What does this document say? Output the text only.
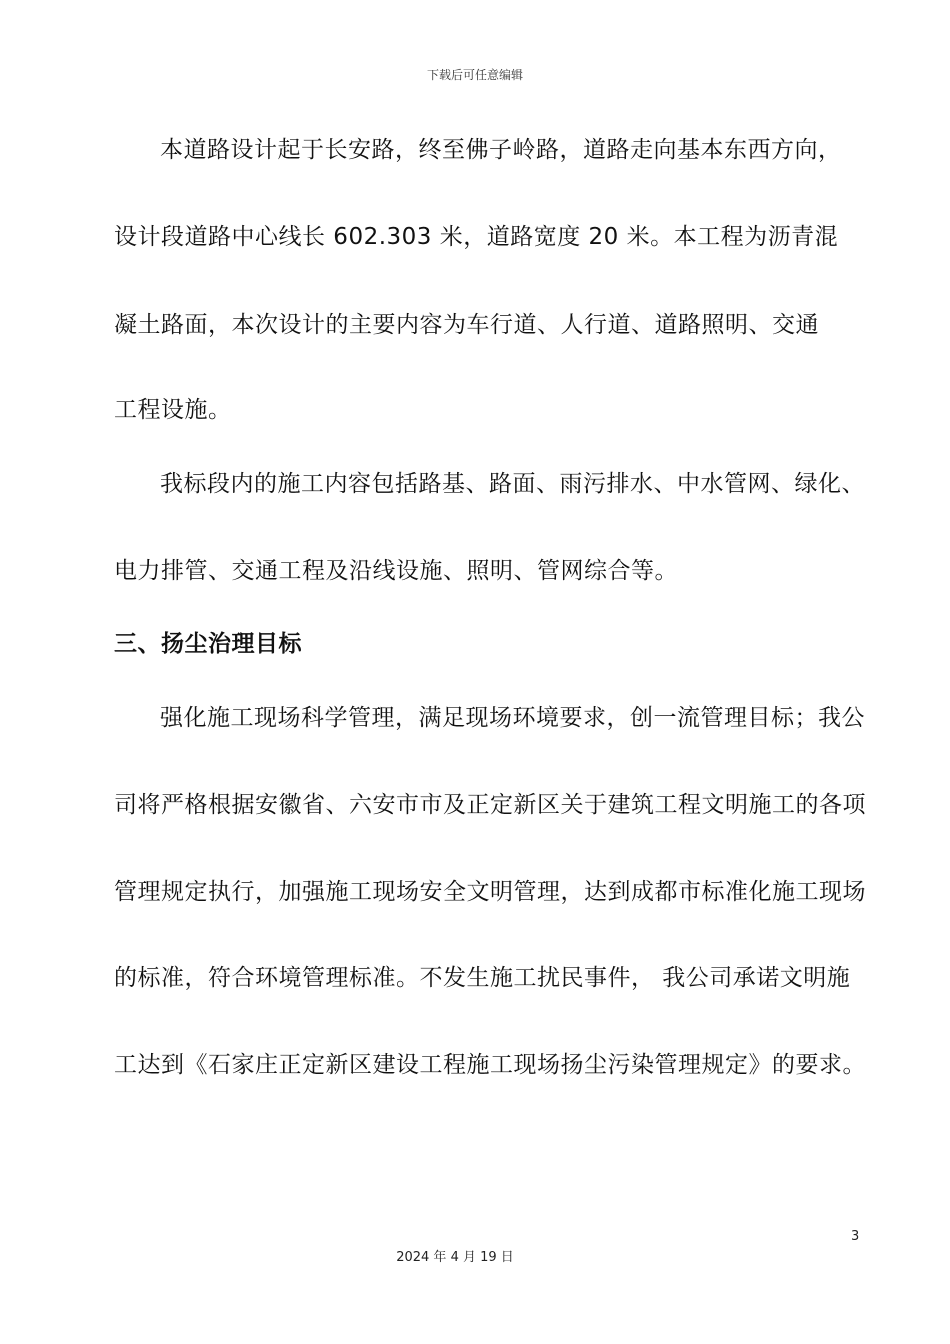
下载后可任意编辑
本道路设计起于长安路，终至佛子岭路，道路走向基本东西方向，
设计段道路中心线长 602.303 米，道路宽度 20 米。本工程为沥青混
凝土路面，本次设计的主要内容为车行道、人行道、道路照明、交通
工程设施。
我标段内的施工内容包括路基、路面、雨污排水、中水管网、绿化、
电力排管、交通工程及沿线设施、照明、管网综合等。
三、扬尘治理目标
强化施工现场科学管理，满足现场环境要求，创一流管理目标；我公
司将严格根据安徽省、六安市市及正定新区关于建筑工程文明施工的各项
管理规定执行，加强施工现场安全文明管理，达到成都市标准化施工现场
的标准，符合环境管理标准。不发生施工扰民事件， 我公司承诺文明施
工达到《石家庄正定新区建设工程施工现场扬尘污染管理规定》的要求。
3
2024 年 4 月 19 日
